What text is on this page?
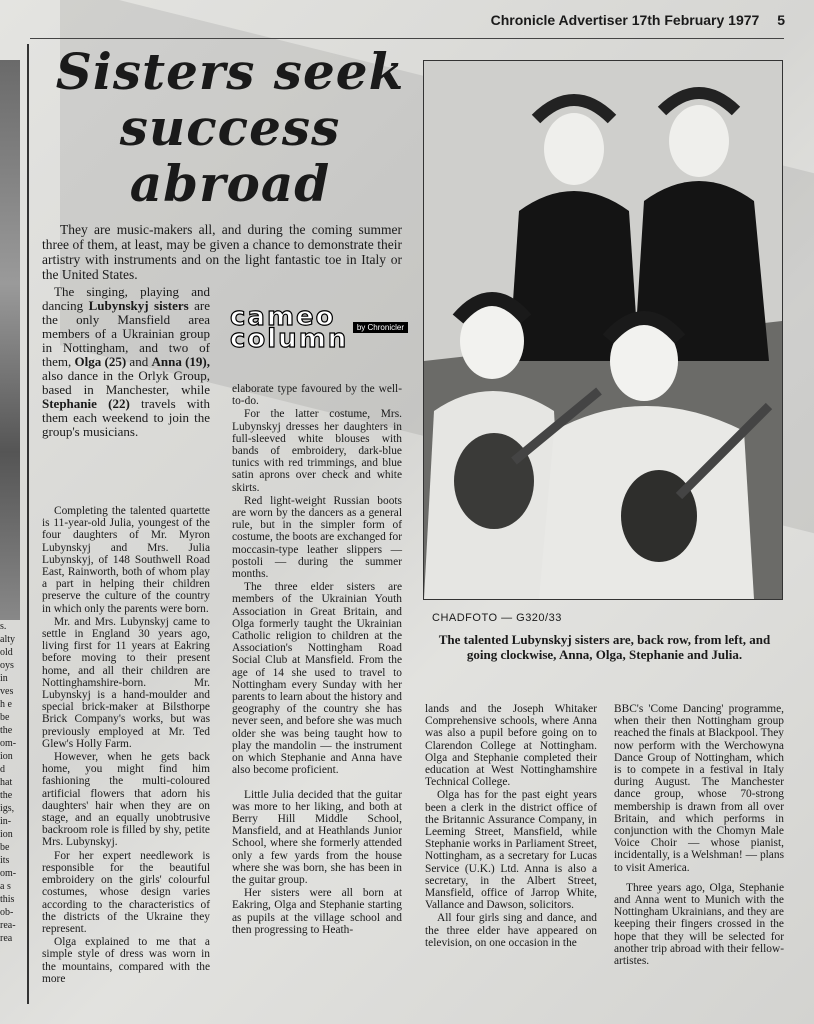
Chronicle Advertiser 17th February 1977 5
s.
alty
old
oys
in
ves
h e
be
the
om-
ion
d
hat
the
igs,
in-
ion
be
its
om-
a s
this
ob-
rea-
rea
Sisters seek
success
abroad
They are music-makers all, and during the coming summer three of them, at least, may be given a chance to demonstrate their artistry with instruments and on the light fantastic toe in Italy or the United States.

The singing, playing and dancing Lubynskyj sisters are the only Mansfield area members of a Ukrainian group in Nottingham, and two of them, Olga (25) and Anna (19), also dance in the Orlyk Group, based in Manchester, while Stephanie (22) travels with them each weekend to join the group's musicians.

cameo
column	by Chronicler

Completing the talented quartette is 11-year-old Julia, youngest of the four daughters of Mr. Myron Lubynskyj and Mrs. Julia Lubynskyj, of 148 Southwell Road East, Rainworth, both of whom play a part in helping their children preserve the culture of the country in which only the parents were born.

Mr. and Mrs. Lubynskyj came to settle in England 30 years ago, living first for 11 years at Eakring before moving to their present home, and all their children are Nottinghamshire-born. Mr. Lubynskyj is a hand-moulder and special brick-maker at Bilsthorpe Brick Company's works, but was previously employed at Mr. Ted Glew's Holly Farm.

However, when he gets back home, you might find him fashioning the multi-coloured artificial flowers that adorn his daughters' hair when they are on stage, and an equally unobtrusive backroom role is filled by shy, petite Mrs. Lubynskyj.

For her expert needlework is responsible for the beautiful embroidery on the girls' colourful costumes, whose design varies according to the characteristics of the districts of the Ukraine they represent.

Olga explained to me that a simple style of dress was worn in the mountains, compared with the more

elaborate type favoured by the well-to-do.

For the latter costume, Mrs. Lubynskyj dresses her daughters in full-sleeved white blouses with bands of embroidery, dark-blue tunics with red trimmings, and blue satin aprons over check and white skirts.

Red light-weight Russian boots are worn by the dancers as a general rule, but in the simpler form of costume, the boots are exchanged for moccasin-type leather slippers — postoli — during the summer months.

The three elder sisters are members of the Ukrainian Youth Association in Great Britain, and Olga formerly taught the Ukrainian Catholic religion to children at the Association's Nottingham Road Social Club at Mansfield. From the age of 14 she used to travel to Nottingham every Sunday with her parents to learn about the history and geography of the country she has never seen, and before she was much older she was being taught how to play the mandolin — the instrument on which Stephanie and Anna have also become proficient.

Little Julia decided that the guitar was more to her liking, and both at Berry Hill Middle School, Mansfield, and at Heathlands Junior School, where she formerly attended only a few yards from the house where she was born, she has been in the guitar group.

Her sisters were all born at Eakring, Olga and Stephanie starting as pupils at the village school and then progressing to Heath-

CHADFOTO — G320/33
The talented Lubynskyj sisters are, back row, from left, and going clockwise, Anna, Olga, Stephanie and Julia.

lands and the Joseph Whitaker Comprehensive schools, where Anna was also a pupil before going on to Clarendon College at Nottingham. Olga and Stephanie completed their education at West Nottinghamshire Technical College.

Olga has for the past eight years been a clerk in the district office of the Britannic Assurance Company, in Leeming Street, Mansfield, while Stephanie works in Parliament Street, Nottingham, as a secretary for Lucas Service (U.K.) Ltd. Anna is also a secretary, in the Albert Street, Mansfield, office of Jarrop White, Vallance and Dawson, solicitors.

All four girls sing and dance, and the three elder have appeared on television, on one occasion in the

BBC's 'Come Dancing' programme, when their then Nottingham group reached the finals at Blackpool. They now perform with the Werchowyna Dance Group of Nottingham, which is to compete in a festival in Italy during August. The Manchester dance group, whose 70-strong membership is drawn from all over Britain, and which performs in conjunction with the Chomyn Male Voice Choir — whose pianist, incidentally, is a Welshman! — plans to visit America.

Three years ago, Olga, Stephanie and Anna went to Munich with the Nottingham Ukrainians, and they are keeping their fingers crossed in the hope that they will be selected for another trip abroad with their fellow-artistes.
